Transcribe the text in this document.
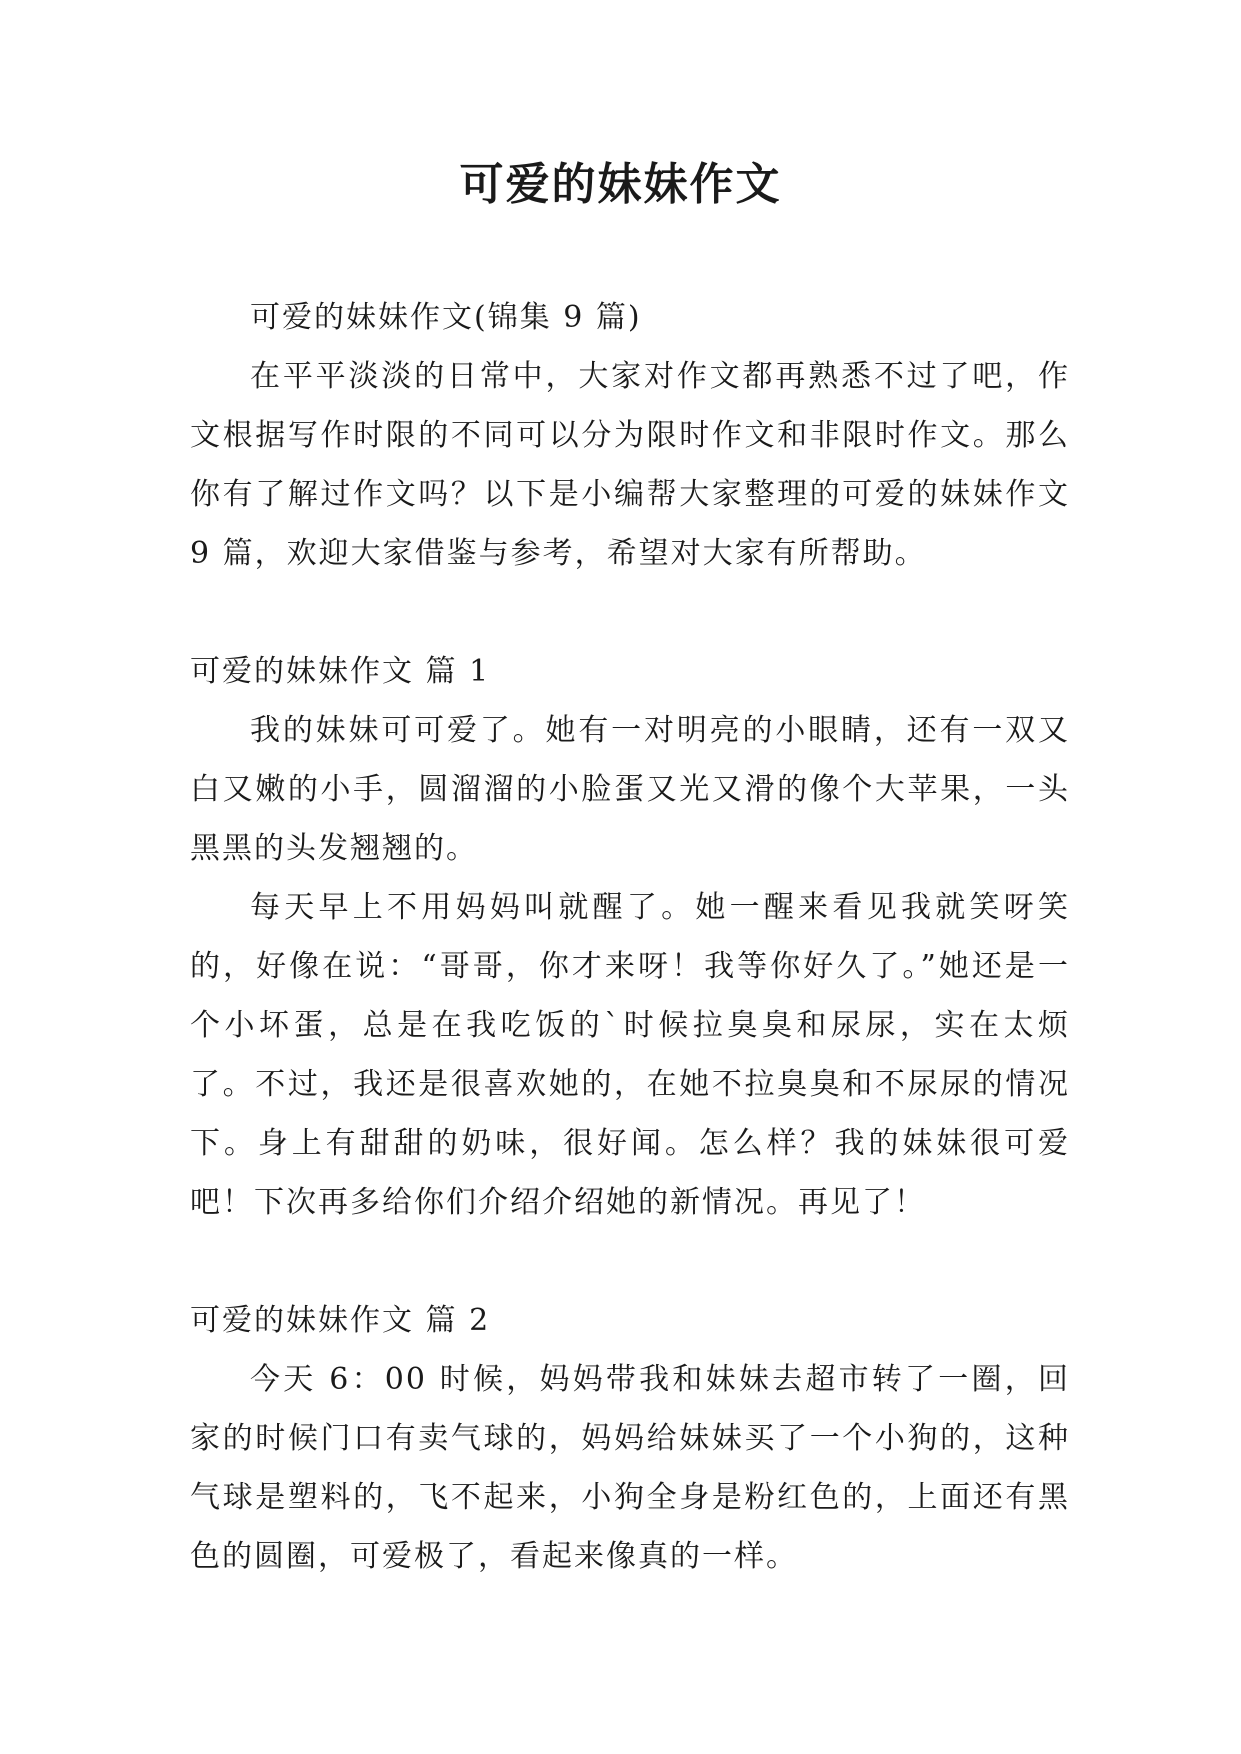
可爱的妹妹作文

可爱的妹妹作文(锦集 9 篇)

在平平淡淡的日常中，大家对作文都再熟悉不过了吧，作文根据写作时限的不同可以分为限时作文和非限时作文。那么你有了解过作文吗？以下是小编帮大家整理的可爱的妹妹作文 9 篇，欢迎大家借鉴与参考，希望对大家有所帮助。

可爱的妹妹作文 篇 1

我的妹妹可可爱了。她有一对明亮的小眼睛，还有一双又白又嫩的小手，圆溜溜的小脸蛋又光又滑的像个大苹果，一头黑黑的头发翘翘的。

每天早上不用妈妈叫就醒了。她一醒来看见我就笑呀笑的，好像在说：“哥哥，你才来呀！我等你好久了。”她还是一个小坏蛋，总是在我吃饭的`时候拉臭臭和尿尿，实在太烦了。不过，我还是很喜欢她的，在她不拉臭臭和不尿尿的情况下。身上有甜甜的奶味，很好闻。怎么样？我的妹妹很可爱吧！下次再多给你们介绍介绍她的新情况。再见了！

可爱的妹妹作文 篇 2

今天 6：00 时候，妈妈带我和妹妹去超市转了一圈，回家的时候门口有卖气球的，妈妈给妹妹买了一个小狗的，这种气球是塑料的，飞不起来，小狗全身是粉红色的，上面还有黑色的圆圈，可爱极了，看起来像真的一样。
